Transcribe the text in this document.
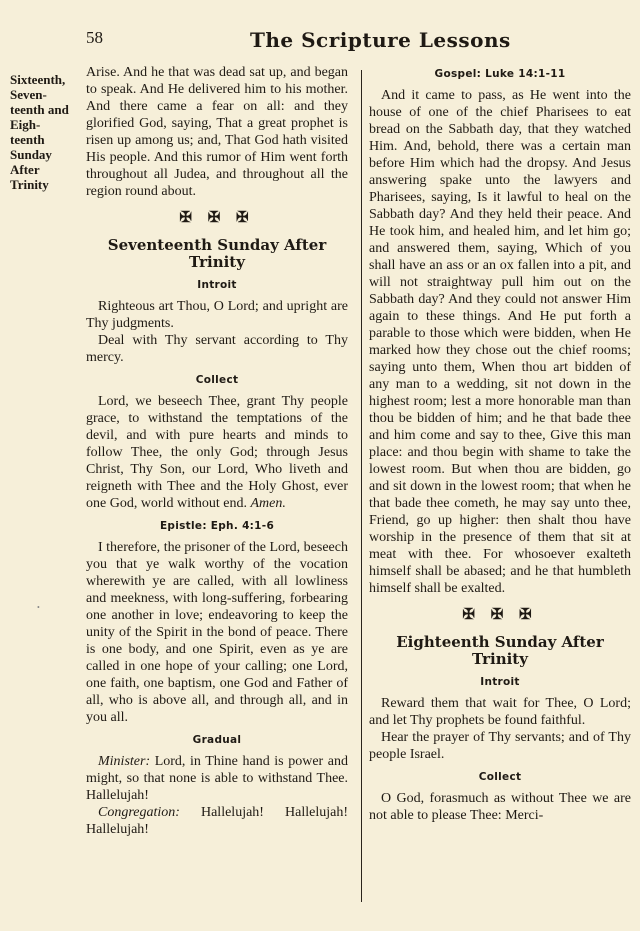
58	The Scripture Lessons
Sixteenth,
Seven-
teenth and
Eigh-
teenth
Sunday
After
Trinity
•

Arise. And he that was dead sat up, and began to speak. And He delivered him to his mother. And there came a fear on all: and they glorified God, saying, That a great prophet is risen up among us; and, That God hath visited His people. And this rumor of Him went forth throughout all Judea, and throughout all the region round about.

✠ ✠ ✠
Seventeenth Sunday After Trinity
Introit

Righteous art Thou, O Lord; and upright are Thy judgments.

Deal with Thy servant according to Thy mercy.

Collect

Lord, we beseech Thee, grant Thy people grace, to withstand the temptations of the devil, and with pure hearts and minds to follow Thee, the only God; through Jesus Christ, Thy Son, our Lord, Who liveth and reigneth with Thee and the Holy Ghost, ever one God, world without end. Amen.

Epistle: Eph. 4:1-6

I therefore, the prisoner of the Lord, beseech you that ye walk worthy of the vocation wherewith ye are called, with all lowliness and meekness, with long-suffering, forbearing one another in love; endeavoring to keep the unity of the Spirit in the bond of peace. There is one body, and one Spirit, even as ye are called in one hope of your calling; one Lord, one faith, one baptism, one God and Father of all, who is above all, and through all, and in you all.

Gradual

Minister: Lord, in Thine hand is power and might, so that none is able to withstand Thee. Hallelujah!

Congregation: Hallelujah! Hallelujah! Hallelujah!

Gospel: Luke 14:1-11

And it came to pass, as He went into the house of one of the chief Pharisees to eat bread on the Sabbath day, that they watched Him. And, behold, there was a certain man before Him which had the dropsy. And Jesus answering spake unto the lawyers and Pharisees, saying, Is it lawful to heal on the Sabbath day? And they held their peace. And He took him, and healed him, and let him go; and answered them, saying, Which of you shall have an ass or an ox fallen into a pit, and will not straightway pull him out on the Sabbath day? And they could not answer Him again to these things. And He put forth a parable to those which were bidden, when He marked how they chose out the chief rooms; saying unto them, When thou art bidden of any man to a wedding, sit not down in the highest room; lest a more honorable man than thou be bidden of him; and he that bade thee and him come and say to thee, Give this man place: and thou begin with shame to take the lowest room. But when thou are bidden, go and sit down in the lowest room; that when he that bade thee cometh, he may say unto thee, Friend, go up higher: then shalt thou have worship in the presence of them that sit at meat with thee. For whosoever exalteth himself shall be abased; and he that humbleth himself shall be exalted.

✠ ✠ ✠
Eighteenth Sunday After Trinity
Introit

Reward them that wait for Thee, O Lord; and let Thy prophets be found faithful.

Hear the prayer of Thy servants; and of Thy people Israel.

Collect

O God, forasmuch as without Thee we are not able to please Thee: Merci-
